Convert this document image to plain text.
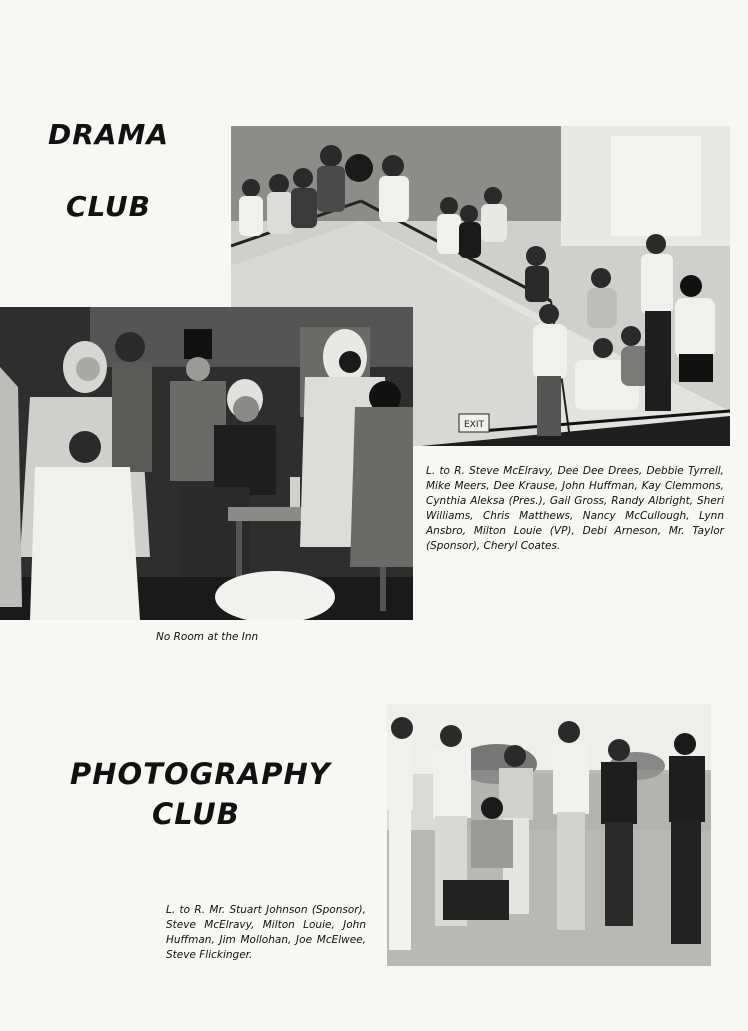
DRAMA
CLUB
EXIT

No Room at the Inn

L. to R. Steve McElravy, Dee Dee Drees, Debbie Tyrrell, Mike Meers, Dee Krause, John Huffman, Kay Clemmons, Cynthia Aleksa (Pres.), Gail Gross, Randy Albright, Sheri Williams, Chris Matthews, Nancy McCullough, Lynn Ansbro, Milton Louie (VP), Debi Arneson, Mr. Taylor (Sponsor), Cheryl Coates.

PHOTOGRAPHY
CLUB

L. to R. Mr. Stuart Johnson (Sponsor), Steve McElravy, Milton Louie, John Huffman, Jim Mollohan, Joe McElwee, Steve Flickinger.
